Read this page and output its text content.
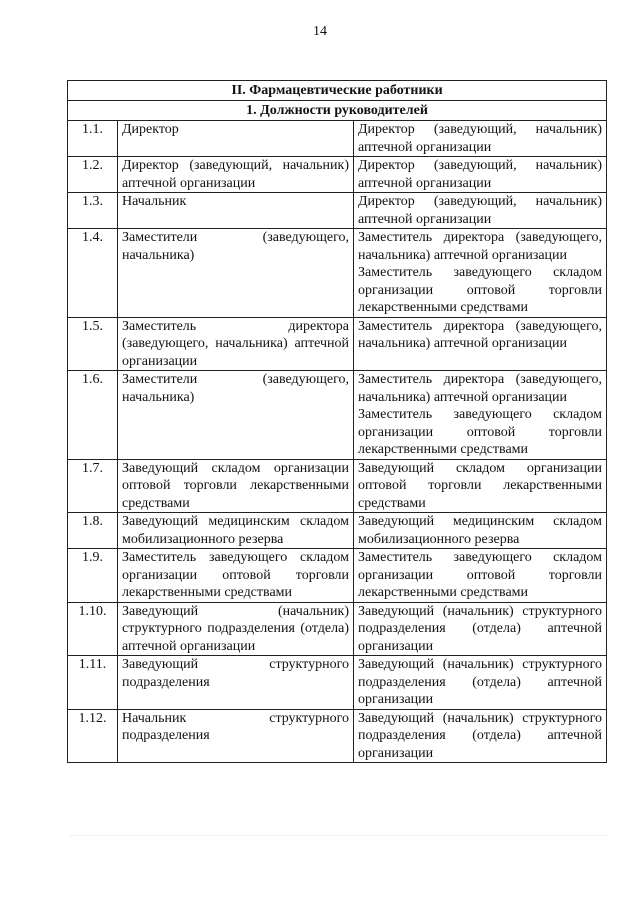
14
II. Фармацевтические работники		
1. Должности руководителей		
1.1.	Директор	Директор (заведующий, начальник) аптечной организации

1.2.	Директор (заведующий, начальник) аптечной организации	Директор (заведующий, начальник) аптечной организации

1.3.	Начальник	Директор (заведующий, начальник) аптечной организации

1.4.	Заместители (заведующего, начальника)	Заместитель директора (заведующего, начальника) аптечной организации
Заместитель заведующего складом организации оптовой торговли лекарственными средствами

1.5.	Заместитель директора (заведующего, начальника) аптечной организации	Заместитель директора (заведующего, начальника) аптечной организации

1.6.	Заместители (заведующего, начальника)	Заместитель директора (заведующего, начальника) аптечной организации
Заместитель заведующего складом организации оптовой торговли лекарственными средствами

1.7.	Заведующий складом организации оптовой торговли лекарственными средствами	Заведующий складом организации оптовой торговли лекарственными средствами

1.8.	Заведующий медицинским складом мобилизационного резерва	Заведующий медицинским складом мобилизационного резерва

1.9.	Заместитель заведующего складом организации оптовой торговли лекарственными средствами	Заместитель заведующего складом организации оптовой торговли лекарственными средствами

1.10.	Заведующий (начальник) структурного подразделения (отдела) аптечной организации	Заведующий (начальник) структурного подразделения (отдела) аптечной организации

1.11.	Заведующий структурного подразделения	Заведующий (начальник) структурного подразделения (отдела) аптечной организации

1.12.	Начальник структурного подразделения	Заведующий (начальник) структурного подразделения (отдела) аптечной организации
